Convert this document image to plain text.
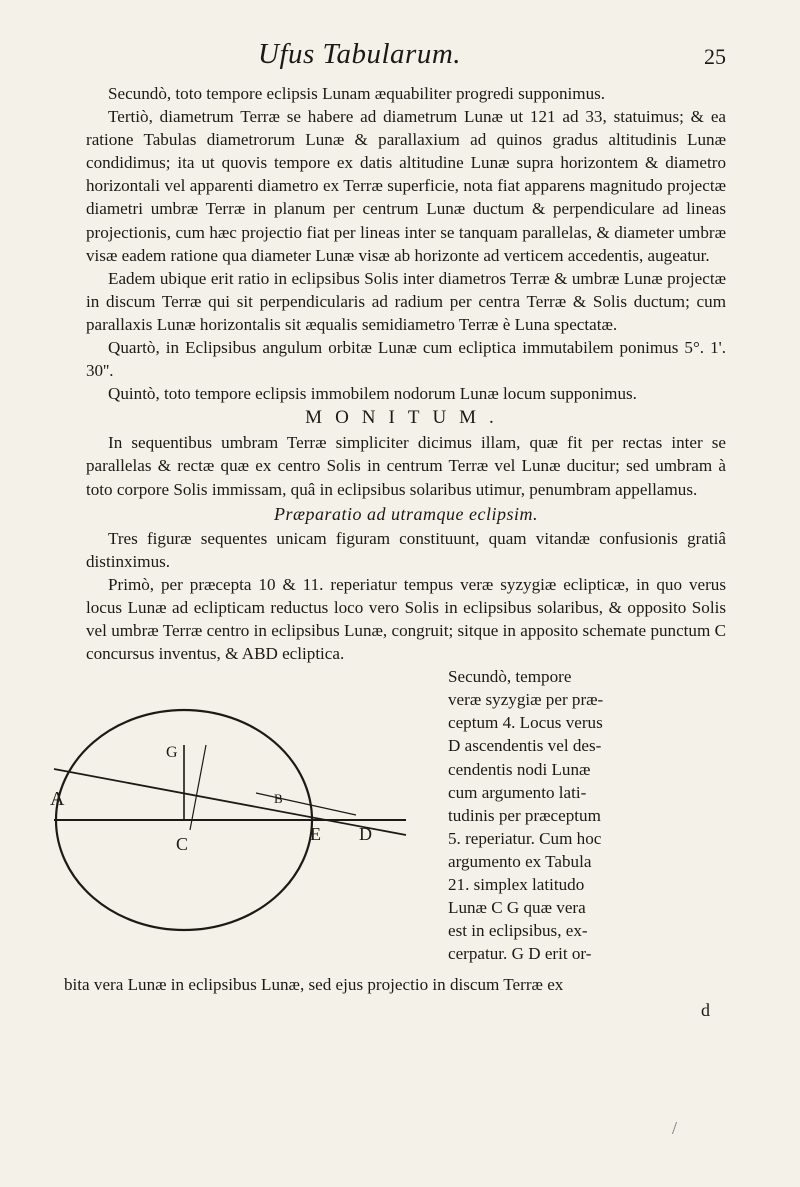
Ufus Tabularum.	25

Secundò, toto tempore eclipsis Lunam æquabiliter progredi supponimus.

Tertiò, diametrum Terræ se habere ad diametrum Lunæ ut 121 ad 33, statuimus; & ea ratione Tabulas diametrorum Lunæ & parallaxium ad quinos gradus altitudinis Lunæ condidimus; ita ut quovis tempore ex datis altitudine Lunæ supra horizontem & diametro horizontali vel apparenti diametro ex Terræ superficie, nota fiat apparens magnitudo projectæ diametri umbræ Terræ in planum per centrum Lunæ ductum & perpendiculare ad lineas projectionis, cum hæc projectio fiat per lineas inter se tanquam parallelas, & diameter umbræ visæ eadem ratione qua diameter Lunæ visæ ab horizonte ad verticem accedentis, augeatur.

Eadem ubique erit ratio in eclipsibus Solis inter diametros Terræ & umbræ Lunæ projectæ in discum Terræ qui sit perpendicularis ad radium per centra Terræ & Solis ductum; cum parallaxis Lunæ horizontalis sit æqualis semidiametro Terræ è Luna spectatæ.

Quartò, in Eclipsibus angulum orbitæ Lunæ cum ecliptica immutabilem ponimus 5°. 1'. 30''.

Quintò, toto tempore eclipsis immobilem nodorum Lunæ locum supponimus.

MONITUM.

In sequentibus umbram Terræ simpliciter dicimus illam, quæ fit per rectas inter se parallelas & rectæ quæ ex centro Solis in centrum Terræ vel Lunæ ducitur; sed umbram à toto corpore Solis immissam, quâ in eclipsibus solaribus utimur, penumbram appellamus.

Præparatio ad utramque eclipsim.

Tres figuræ sequentes unicam figuram constituunt, quam vitandæ confusionis gratiâ distinximus.

Primò, per præcepta 10 & 11. reperiatur tempus veræ syzygiæ eclipticæ, in quo verus locus Lunæ ad eclipticam reductus loco vero Solis in eclipsibus solaribus, & opposito Solis vel umbræ Terræ centro in eclipsibus Lunæ, congruit; sitque in apposito schemate punctum C concursus inventus, & ABD ecliptica.

A
G
C
B
E D
Secundò, tempore
veræ syzygiæ per præ-
ceptum 4. Locus verus
D ascendentis vel des-
cendentis nodi Lunæ
cum argumento lati-
tudinis per præceptum
5. reperiatur. Cum hoc
argumento ex Tabula
21. simplex latitudo
Lunæ C G quæ vera
est in eclipsibus, ex-
cerpatur. G D erit or-

bita vera Lunæ in eclipsibus Lunæ, sed ejus projectio in discum Terræ ex

d
/
